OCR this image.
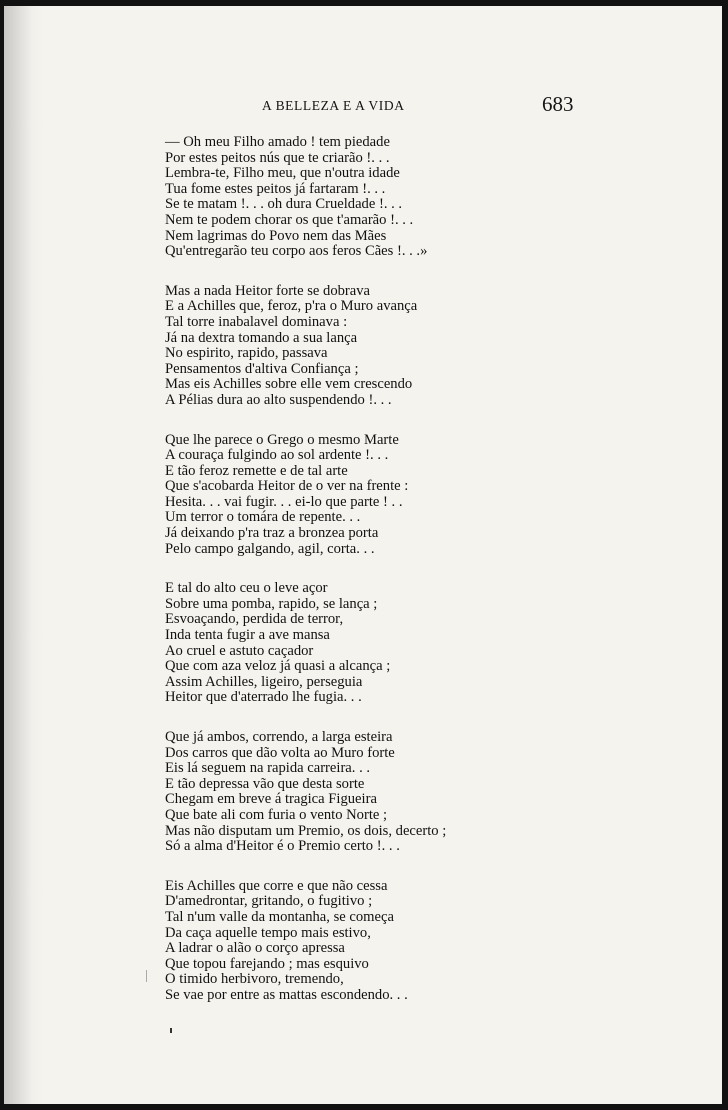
A BELLEZA E A VIDA	683
— Oh meu Filho amado ! tem piedade
Por estes peitos nús que te criarão !. . .
Lembra-te, Filho meu, que n'outra idade
Tua fome estes peitos já fartaram !. . .
Se te matam !. . . oh dura Crueldade !. . .
Nem te podem chorar os que t'amarão !. . .
Nem lagrimas do Povo nem das Mães
Qu'entregarão teu corpo aos feros Cães !. . .»
Mas a nada Heitor forte se dobrava
E a Achilles que, feroz, p'ra o Muro avança
Tal torre inabalavel dominava :
Já na dextra tomando a sua lança
No espirito, rapido, passava
Pensamentos d'altiva Confiança ;
Mas eis Achilles sobre elle vem crescendo
A Pélias dura ao alto suspendendo !. . .
Que lhe parece o Grego o mesmo Marte
A couraça fulgindo ao sol ardente !. . .
E tão feroz remette e de tal arte
Que s'acobarda Heitor de o ver na frente :
Hesita. . . vai fugir. . . ei-lo que parte ! . .
Um terror o tomára de repente. . .
Já deixando p'ra traz a bronzea porta
Pelo campo galgando, agil, corta. . .
E tal do alto ceu o leve açor
Sobre uma pomba, rapido, se lança ;
Esvoaçando, perdida de terror,
Inda tenta fugir a ave mansa
Ao cruel e astuto caçador
Que com aza veloz já quasi a alcança ;
Assim Achilles, ligeiro, perseguia
Heitor que d'aterrado lhe fugia. . .
Que já ambos, correndo, a larga esteira
Dos carros que dão volta ao Muro forte
Eis lá seguem na rapida carreira. . .
E tão depressa vão que desta sorte
Chegam em breve á tragica Figueira
Que bate ali com furia o vento Norte ;
Mas não disputam um Premio, os dois, decerto ;
Só a alma d'Heitor é o Premio certo !. . .
Eis Achilles que corre e que não cessa
D'amedrontar, gritando, o fugitivo ;
Tal n'um valle da montanha, se começa
Da caça aquelle tempo mais estivo,
A ladrar o alão o corço apressa
Que topou farejando ; mas esquivo
O timido herbivoro, tremendo,
Se vae por entre as mattas escondendo. . .
